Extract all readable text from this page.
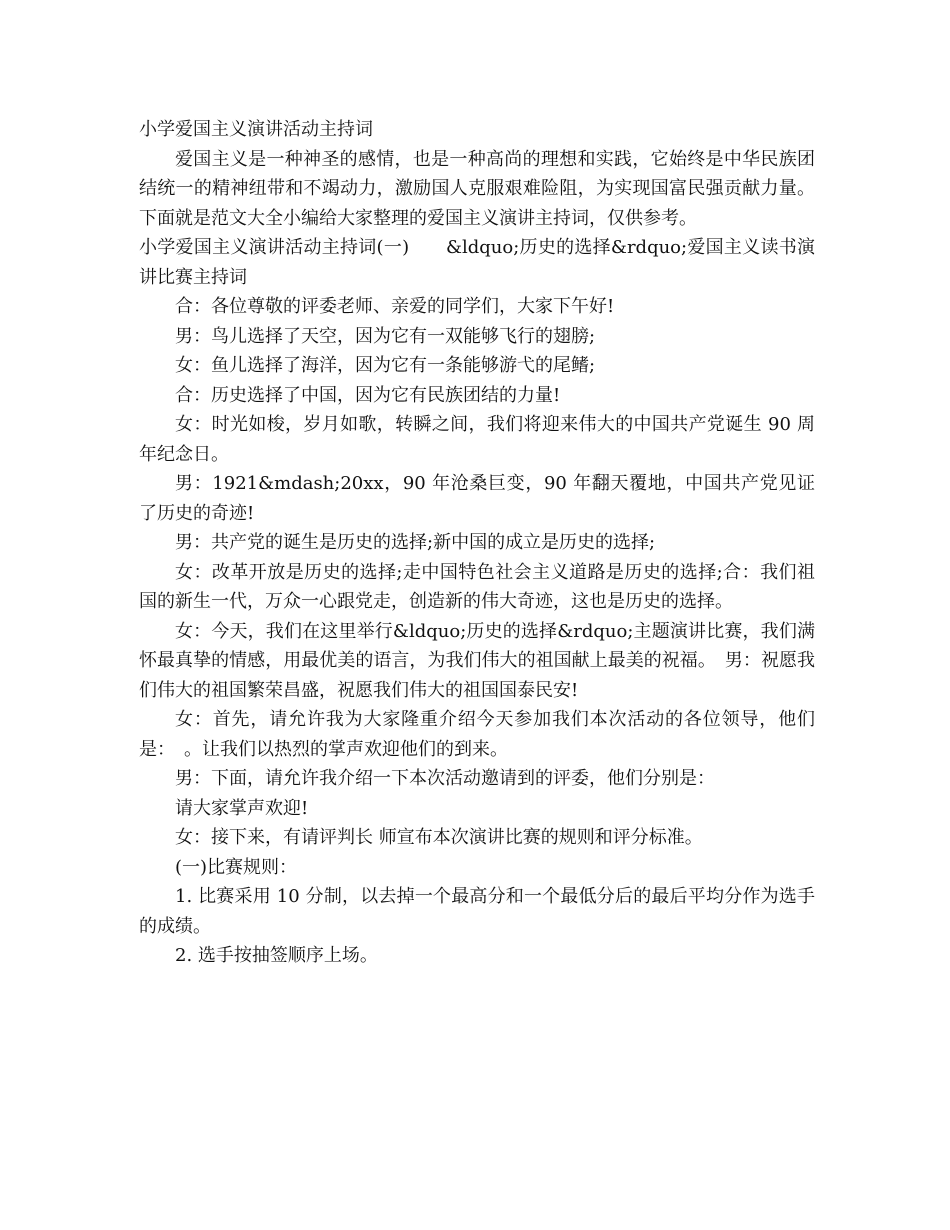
小学爱国主义演讲活动主持词

爱国主义是一种神圣的感情，也是一种高尚的理想和实践，它始终是中华民族团结统一的精神纽带和不竭动力，激励国人克服艰难险阻，为实现国富民强贡献力量。下面就是范文大全小编给大家整理的爱国主义演讲主持词，仅供参考。

小学爱国主义演讲活动主持词(一)　　&ldquo;历史的选择&rdquo;爱国主义读书演讲比赛主持词

合：各位尊敬的评委老师、亲爱的同学们，大家下午好!

男：鸟儿选择了天空，因为它有一双能够飞行的翅膀;

女：鱼儿选择了海洋，因为它有一条能够游弋的尾鳍;

合：历史选择了中国，因为它有民族团结的力量!

女：时光如梭，岁月如歌，转瞬之间，我们将迎来伟大的中国共产党诞生 90 周年纪念日。

男：1921&mdash;20xx，90 年沧桑巨变，90 年翻天覆地，中国共产党见证了历史的奇迹!

男：共产党的诞生是历史的选择;新中国的成立是历史的选择;

女：改革开放是历史的选择;走中国特色社会主义道路是历史的选择;合：我们祖国的新生一代，万众一心跟党走，创造新的伟大奇迹，这也是历史的选择。

女：今天，我们在这里举行&ldquo;历史的选择&rdquo;主题演讲比赛，我们满怀最真挚的情感，用最优美的语言，为我们伟大的祖国献上最美的祝福。　男：祝愿我们伟大的祖国繁荣昌盛，祝愿我们伟大的祖国国泰民安!

女：首先，请允许我为大家隆重介绍今天参加我们本次活动的各位领导，他们是：　。让我们以热烈的掌声欢迎他们的到来。

男：下面，请允许我介绍一下本次活动邀请到的评委，他们分别是：

请大家掌声欢迎!

女：接下来，有请评判长 师宣布本次演讲比赛的规则和评分标准。

(一)比赛规则：

1. 比赛采用 10 分制，以去掉一个最高分和一个最低分后的最后平均分作为选手的成绩。

2. 选手按抽签顺序上场。
